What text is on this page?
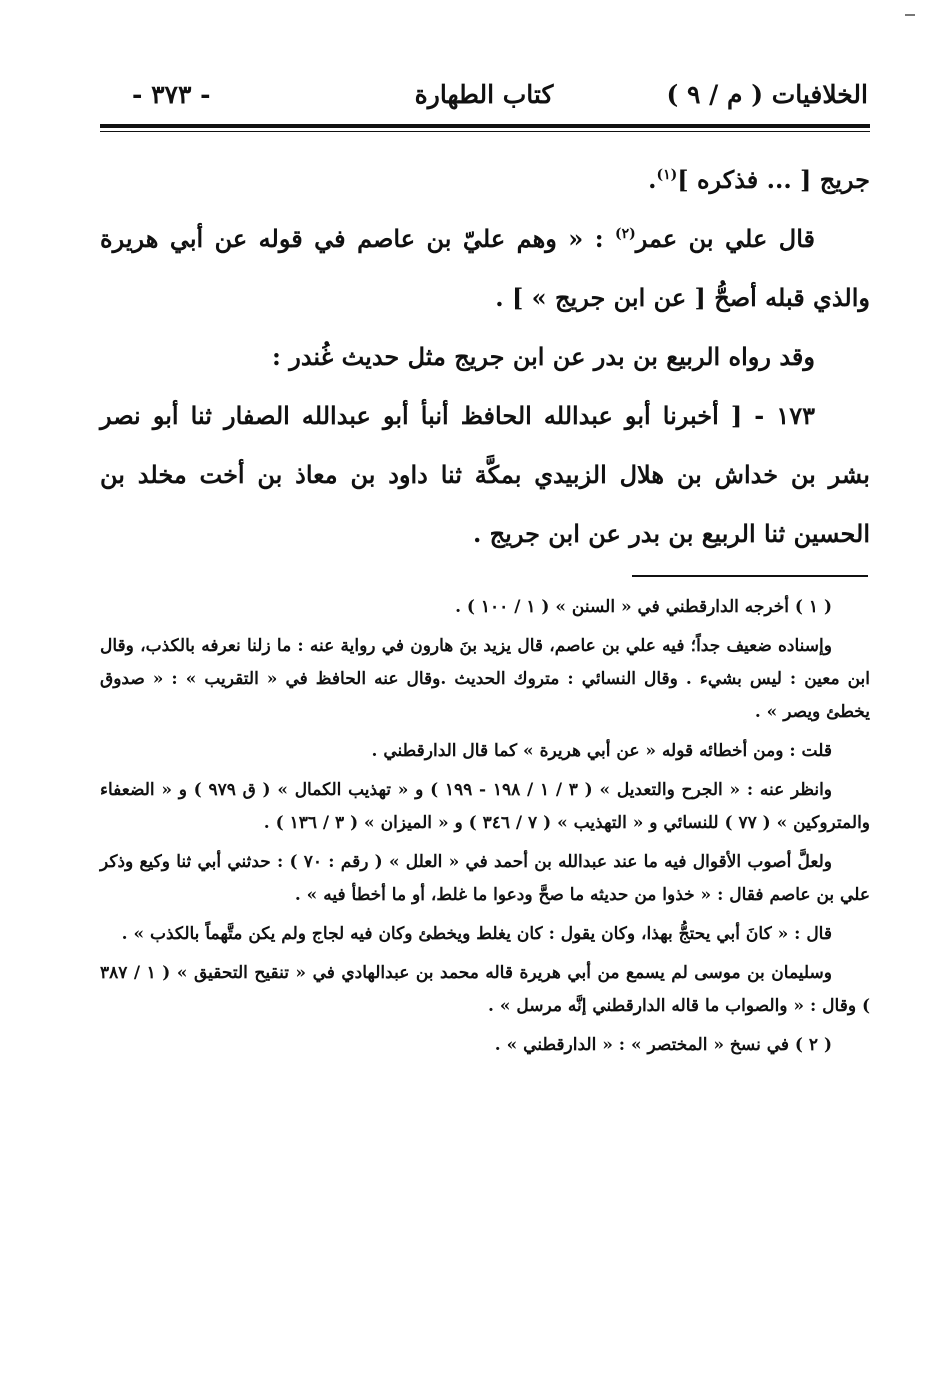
الخلافيات ( م / ٩ )
كتاب الطهارة
- ٣٧٣ -

جريج [ ... فذكره ]$^{(١)}$.

قال علي بن عمر$^{(٢)}$ : « وهم عليّ بن عاصم في قوله عن أبي هريرة والذي قبله أصحُّ [ عن ابن جريج » ] .

وقد رواه الربيع بن بدر عن ابن جريج مثل حديث غُندر :

١٧٣ - [ أخبرنا أبو عبدالله الحافظ أنبأ أبو عبدالله الصفار ثنا أبو نصر بشر بن خداش بن هلال الزبيدي بمكَّة ثنا داود بن معاذ بن أخت مخلد بن الحسين ثنا الربيع بن بدر عن ابن جريج .

( ١ ) أخرجه الدارقطني في « السنن » ( ١ / ١٠٠ ) .

وإسناده ضعيف جداً؛ فيه علي بن عاصم، قال يزيد بنَ هارون في رواية عنه : ما زلنا نعرفه بالكذب، وقال ابن معين : ليس بشيء . وقال النسائي : متروك الحديث .وقال عنه الحافظ في « التقريب » : « صدوق يخطئ ويصر » .

قلت : ومن أخطائه قوله « عن أبي هريرة » كما قال الدارقطني .

وانظر عنه : « الجرح والتعديل » ( ٣ / ١ / ١٩٨ - ١٩٩ ) و « تهذيب الكمال » ( ق ٩٧٩ ) و « الضعفاء والمتروكين » ( ٧٧ ) للنسائي و « التهذيب » ( ٧ / ٣٤٦ ) و « الميزان » ( ٣ / ١٣٦ ) .

ولعلَّ أصوب الأقوال فيه ما عند عبدالله بن أحمد في « العلل » ( رقم : ٧٠ ) : حدثني أبي ثنا وكيع وذكر علي بن عاصم فقال : « خذوا من حديثه ما صحَّ ودعوا ما غلط، أو ما أخطأ فيه » .

قال : « كانَ أبي يحتجُّ بهذا، وكان يقول : كان يغلط ويخطئ وكان فيه لجاج ولم يكن متَّهماً بالكذب » .

وسليمان بن موسى لم يسمع من أبي هريرة قاله محمد بن عبدالهادي في « تنقيح التحقيق » ( ١ / ٣٨٧ ) وقال : « والصواب ما قاله الدارقطني إنَّه مرسل » .

( ٢ ) في نسخ « المختصر » : « الدارقطني » .
